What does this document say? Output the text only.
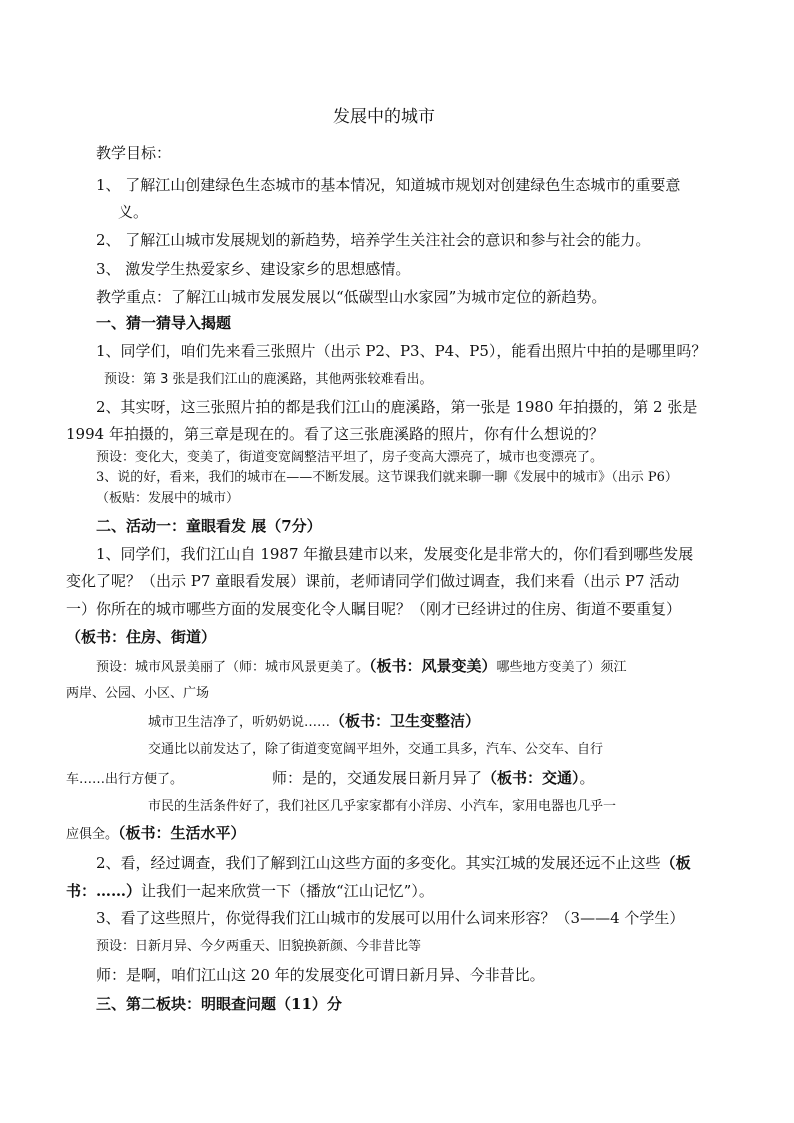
发展中的城市
教学目标：
1、 了解江山创建绿色生态城市的基本情况，知道城市规划对创建绿色生态城市的重要意
义。
2、 了解江山城市发展规划的新趋势，培养学生关注社会的意识和参与社会的能力。
3、 激发学生热爱家乡、建设家乡的思想感情。
教学重点：了解江山城市发展发展以“低碳型山水家园”为城市定位的新趋势。
一、猜一猜导入揭题
1、同学们，咱们先来看三张照片（出示 P2、P3、P4、P5），能看出照片中拍的是哪里吗？
预设：第 3 张是我们江山的鹿溪路，其他两张较难看出。
2、其实呀，这三张照片拍的都是我们江山的鹿溪路，第一张是 1980 年拍摄的，第 2 张是
1994 年拍摄的，第三章是现在的。看了这三张鹿溪路的照片，你有什么想说的？
预设：变化大，变美了，街道变宽阔整洁平坦了，房子变高大漂亮了，城市也变漂亮了。
3、说的好，看来，我们的城市在——不断发展。这节课我们就来聊一聊《发展中的城市》（出示 P6）
（板贴：发展中的城市）
二、活动一：童眼看发 展（7分）
1、同学们，我们江山自 1987 年撤县建市以来，发展变化是非常大的，你们看到哪些发展
变化了呢？（出示 P7 童眼看发展）课前，老师请同学们做过调查，我们来看（出示 P7 活动
一）你所在的城市哪些方面的发展变化令人瞩目呢？（刚才已经讲过的住房、街道不要重复）
（板书：住房、街道）
预设：城市风景美丽了（师：城市风景更美了。（板书：风景变美）哪些地方变美了）须江
两岸、公园、小区、广场
城市卫生洁净了，听奶奶说……（板书：卫生变整洁）
交通比以前发达了，除了街道变宽阔平坦外，交通工具多，汽车、公交车、自行
车……出行方便了。	师：是的，交通发展日新月异了（板书：交通）。
市民的生活条件好了，我们社区几乎家家都有小洋房、小汽车，家用电器也几乎一
应俱全。（板书：生活水平）
2、看，经过调查，我们了解到江山这些方面的多变化。其实江城的发展还远不止这些（板
书：……）让我们一起来欣赏一下（播放“江山记忆”）。
3、看了这些照片，你觉得我们江山城市的发展可以用什么词来形容？（3——4 个学生）
预设：日新月异、今夕两重天、旧貌换新颜、今非昔比等
师：是啊，咱们江山这 20 年的发展变化可谓日新月异、今非昔比。
三、第二板块：明眼查问题（11）分
